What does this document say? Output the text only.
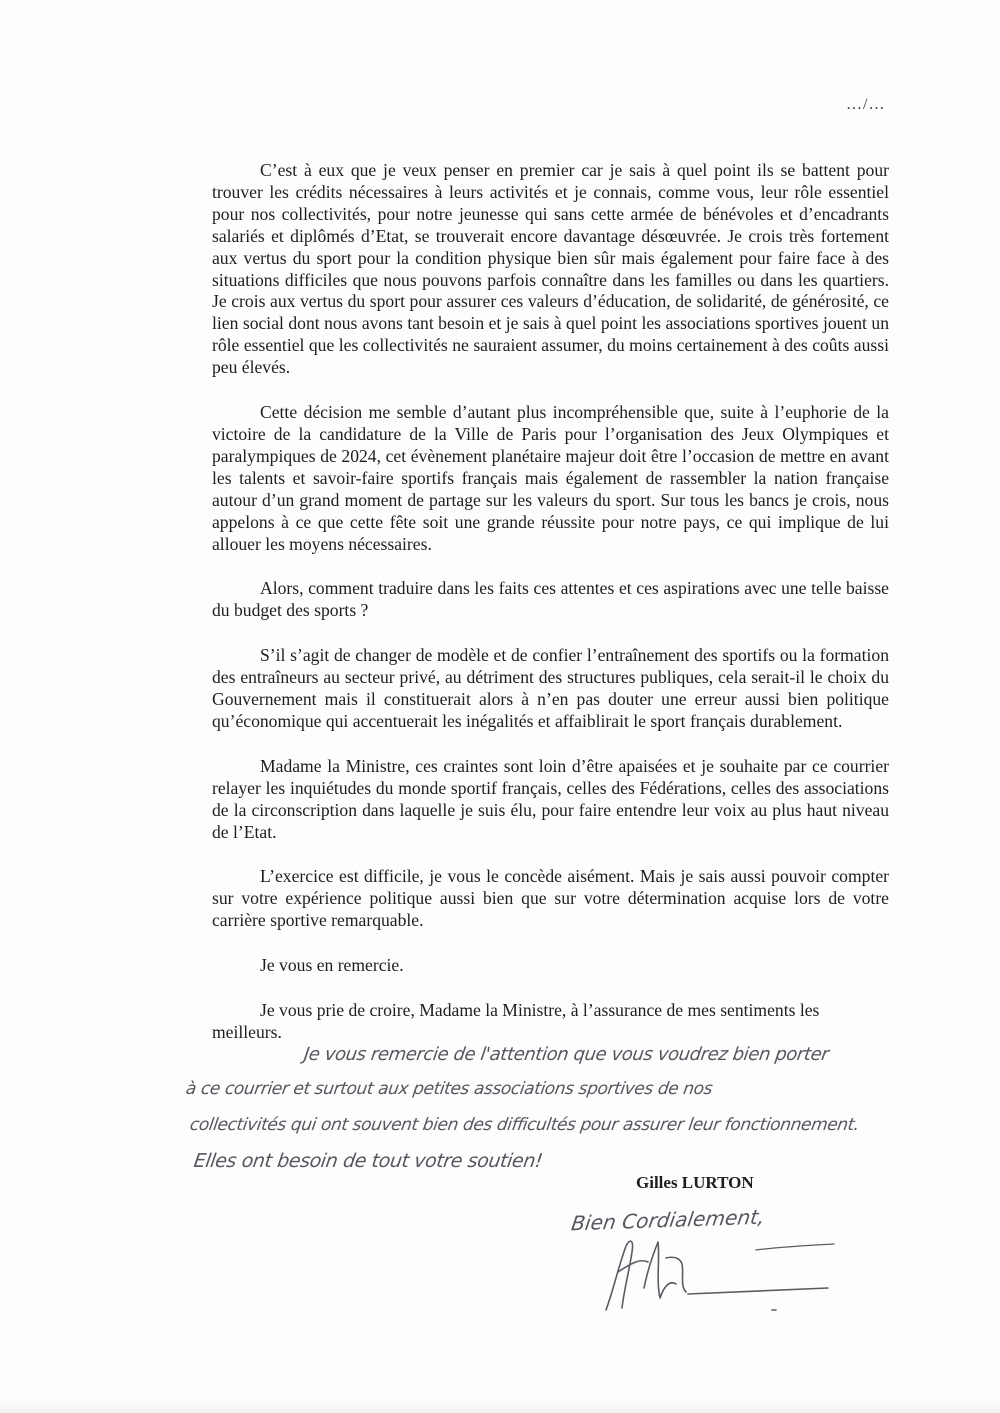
…/…

C’est à eux que je veux penser en premier car je sais à quel point ils se battent pour trouver les crédits nécessaires à leurs activités et je connais, comme vous, leur rôle essentiel pour nos collectivités, pour notre jeunesse qui sans cette armée de bénévoles et d’encadrants salariés et diplômés d’Etat, se trouverait encore davantage désœuvrée. Je crois très fortement aux vertus du sport pour la condition physique bien sûr mais également pour faire face à des situations difficiles que nous pouvons parfois connaître dans les familles ou dans les quartiers. Je crois aux vertus du sport pour assurer ces valeurs d’éducation, de solidarité, de générosité, ce lien social dont nous avons tant besoin et je sais à quel point les associations sportives jouent un rôle essentiel que les collectivités ne sauraient assumer, du moins certainement à des coûts aussi peu élevés.

Cette décision me semble d’autant plus incompréhensible que, suite à l’euphorie de la victoire de la candidature de la Ville de Paris pour l’organisation des Jeux Olympiques et paralympiques de 2024, cet évènement planétaire majeur doit être l’occasion de mettre en avant les talents et savoir-faire sportifs français mais également de rassembler la nation française autour d’un grand moment de partage sur les valeurs du sport. Sur tous les bancs je crois, nous appelons à ce que cette fête soit une grande réussite pour notre pays, ce qui implique de lui allouer les moyens nécessaires.

Alors, comment traduire dans les faits ces attentes et ces aspirations avec une telle baisse du budget des sports ?

S’il s’agit de changer de modèle et de confier l’entraînement des sportifs ou la formation des entraîneurs au secteur privé, au détriment des structures publiques, cela serait-il le choix du Gouvernement mais il constituerait alors à n’en pas douter une erreur aussi bien politique qu’économique qui accentuerait les inégalités et affaiblirait le sport français durablement.

Madame la Ministre, ces craintes sont loin d’être apaisées et je souhaite par ce courrier relayer les inquiétudes du monde sportif français, celles des Fédérations, celles des associations de la circonscription dans laquelle je suis élu, pour faire entendre leur voix au plus haut niveau de l’Etat.

L’exercice est difficile, je vous le concède aisément. Mais je sais aussi pouvoir compter sur votre expérience politique aussi bien que sur votre détermination acquise lors de votre carrière sportive remarquable.

Je vous en remercie.

Je vous prie de croire, Madame la Ministre, à l’assurance de mes sentiments les

meilleurs.
Je vous remercie de l'attention que vous voudrez bien porter
à ce courrier et surtout aux petites associations sportives de nos
collectivités qui ont souvent bien des difficultés pour assurer leur fonctionnement.
Elles ont besoin de tout votre soutien!
Gilles LURTON
Bien Cordialement,
